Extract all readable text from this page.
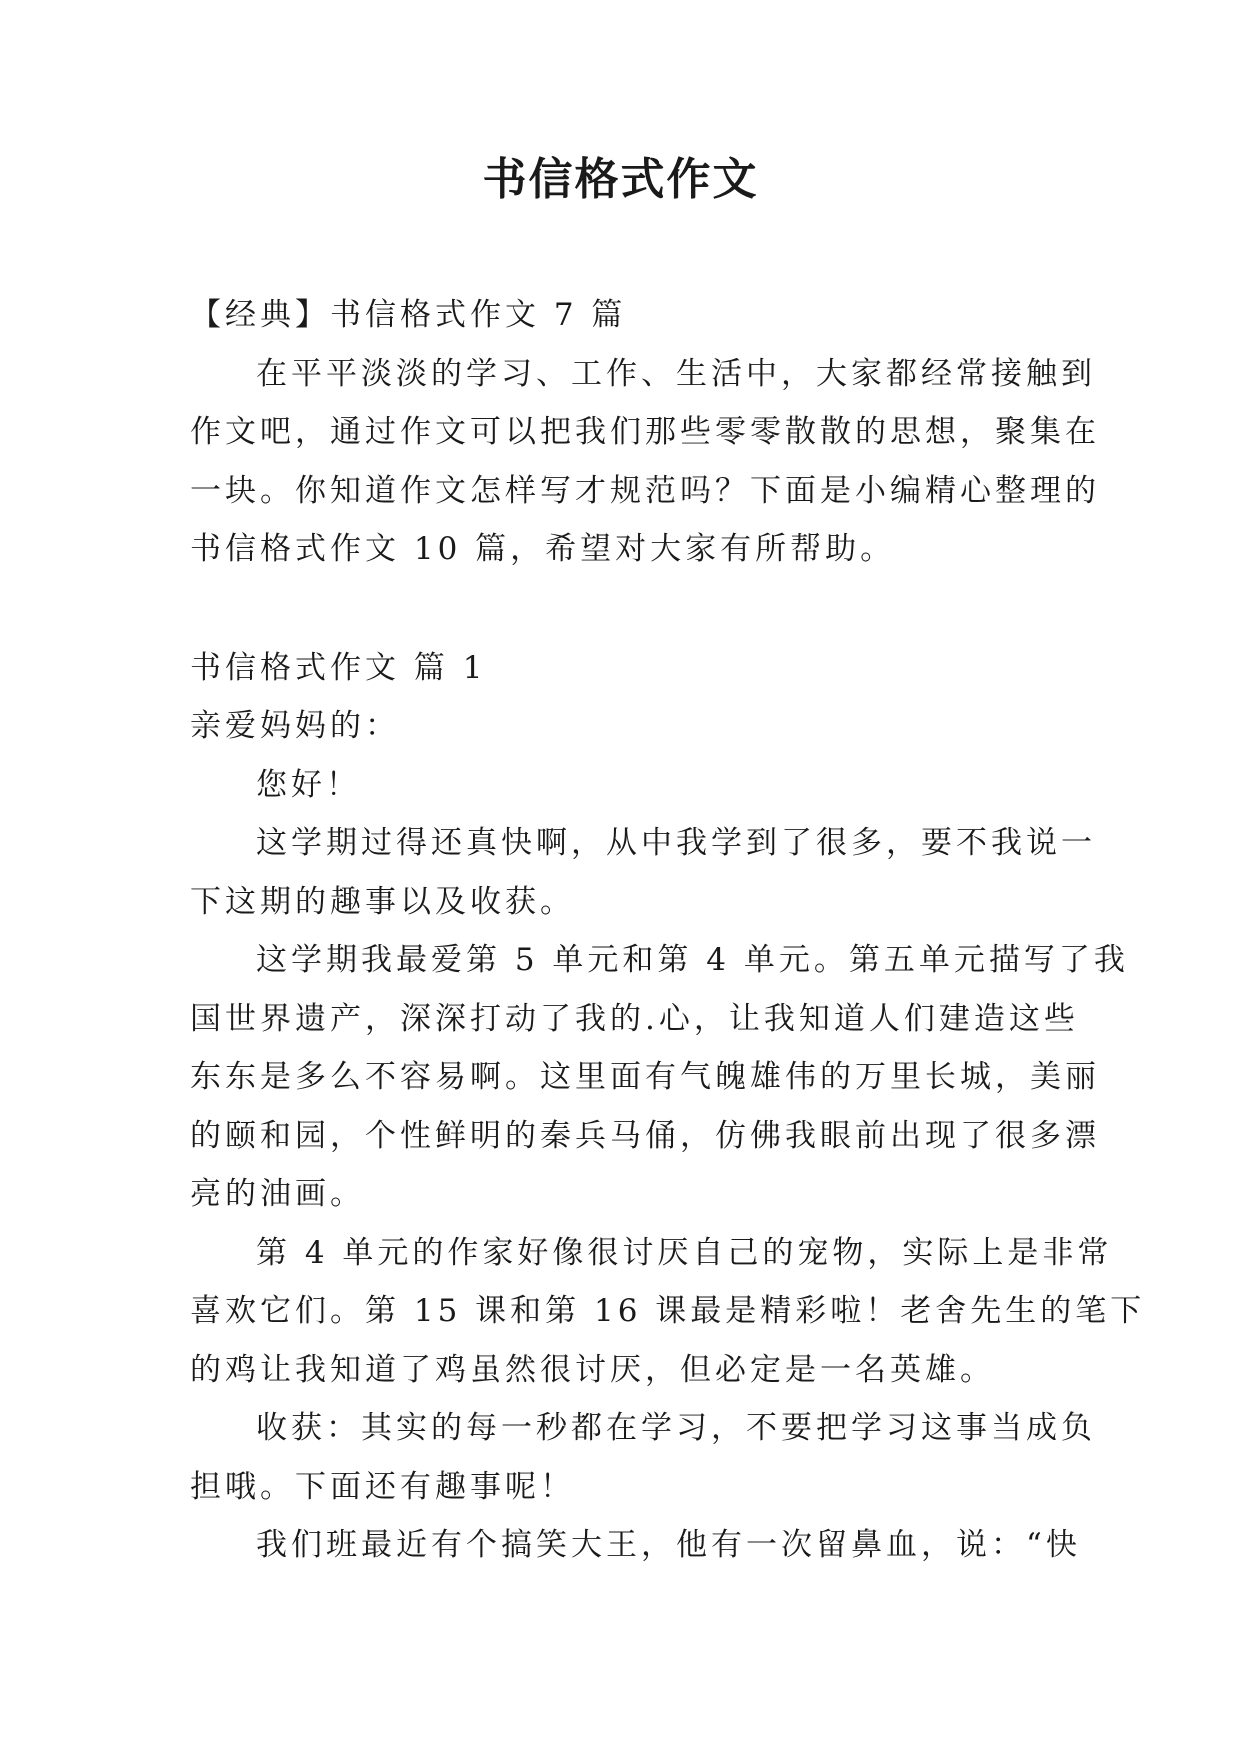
书信格式作文

【经典】书信格式作文 7 篇

在平平淡淡的学习、工作、生活中，大家都经常接触到

作文吧，通过作文可以把我们那些零零散散的思想，聚集在

一块。你知道作文怎样写才规范吗？下面是小编精心整理的

书信格式作文 10 篇，希望对大家有所帮助。

书信格式作文 篇 1

亲爱妈妈的：

您好！

这学期过得还真快啊，从中我学到了很多，要不我说一

下这期的趣事以及收获。

这学期我最爱第 5 单元和第 4 单元。第五单元描写了我

国世界遗产，深深打动了我的.心，让我知道人们建造这些

东东是多么不容易啊。这里面有气魄雄伟的万里长城，美丽

的颐和园，个性鲜明的秦兵马俑，仿佛我眼前出现了很多漂

亮的油画。

第 4 单元的作家好像很讨厌自己的宠物，实际上是非常

喜欢它们。第 15 课和第 16 课最是精彩啦！老舍先生的笔下

的鸡让我知道了鸡虽然很讨厌，但必定是一名英雄。

收获：其实的每一秒都在学习，不要把学习这事当成负

担哦。下面还有趣事呢！

我们班最近有个搞笑大王，他有一次留鼻血，说：“快
